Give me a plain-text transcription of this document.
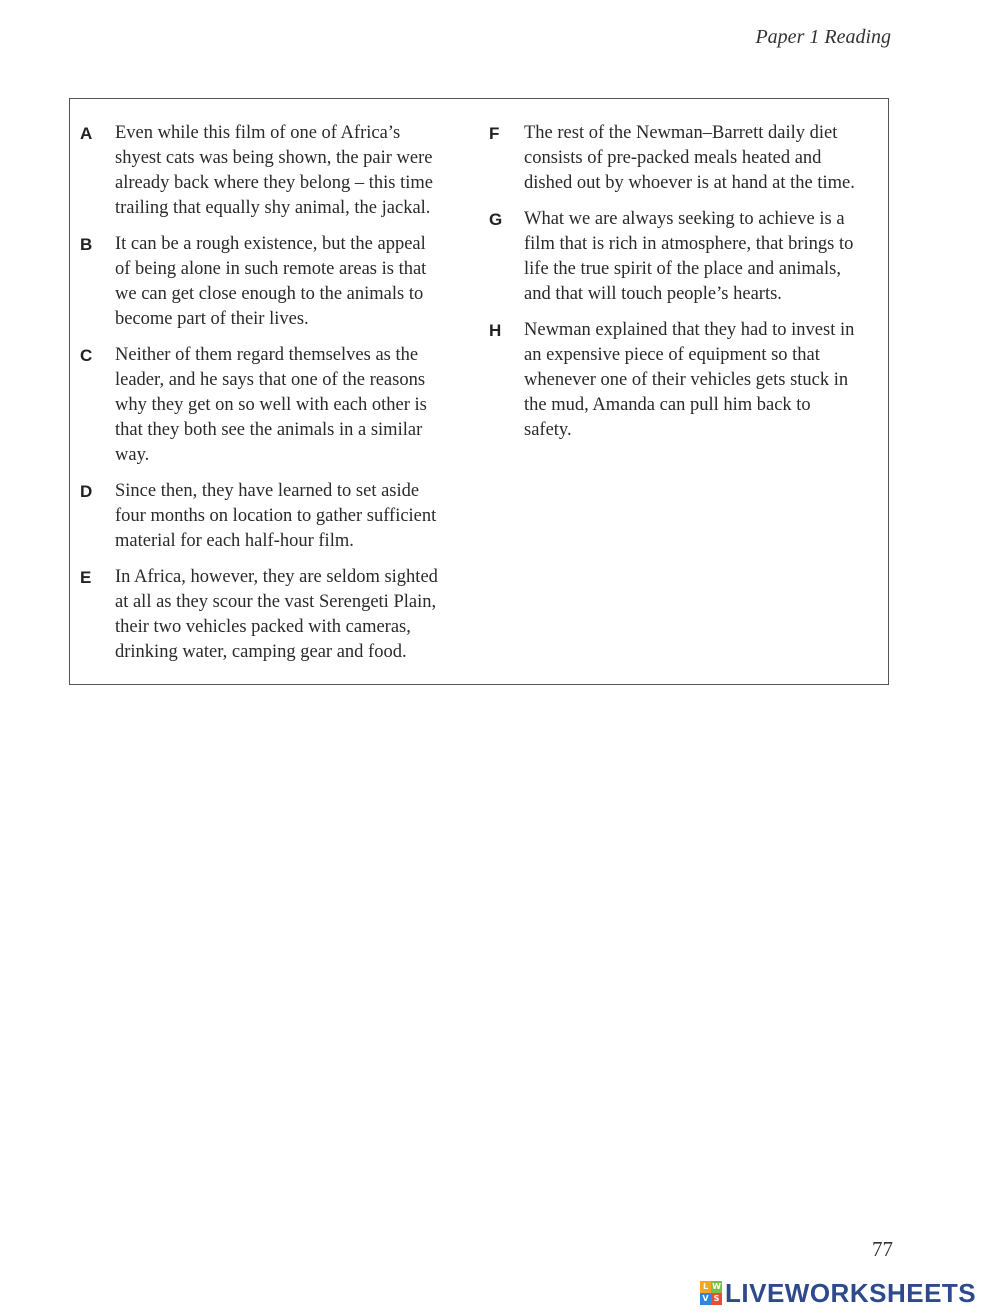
Paper 1 Reading
A	Even while this film of one of Africa’s
shyest cats was being shown, the pair were
already back where they belong – this time
trailing that equally shy animal, the jackal.
B	It can be a rough existence, but the appeal
of being alone in such remote areas is that
we can get close enough to the animals to
become part of their lives.
C	Neither of them regard themselves as the
leader, and he says that one of the reasons
why they get on so well with each other is
that they both see the animals in a similar
way.
D	Since then, they have learned to set aside
four months on location to gather sufficient
material for each half-hour film.
E	In Africa, however, they are seldom sighted
at all as they scour the vast Serengeti Plain,
their two vehicles packed with cameras,
drinking water, camping gear and food.
F	The rest of the Newman–Barrett daily diet
consists of pre-packed meals heated and
dished out by whoever is at hand at the time.
G	What we are always seeking to achieve is a
film that is rich in atmosphere, that brings to
life the true spirit of the place and animals,
and that will touch people’s hearts.
H	Newman explained that they had to invest in
an expensive piece of equipment so that
whenever one of their vehicles gets stuck in
the mud, Amanda can pull him back to
safety.
77
L W
V S LIVEWORKSHEETS
